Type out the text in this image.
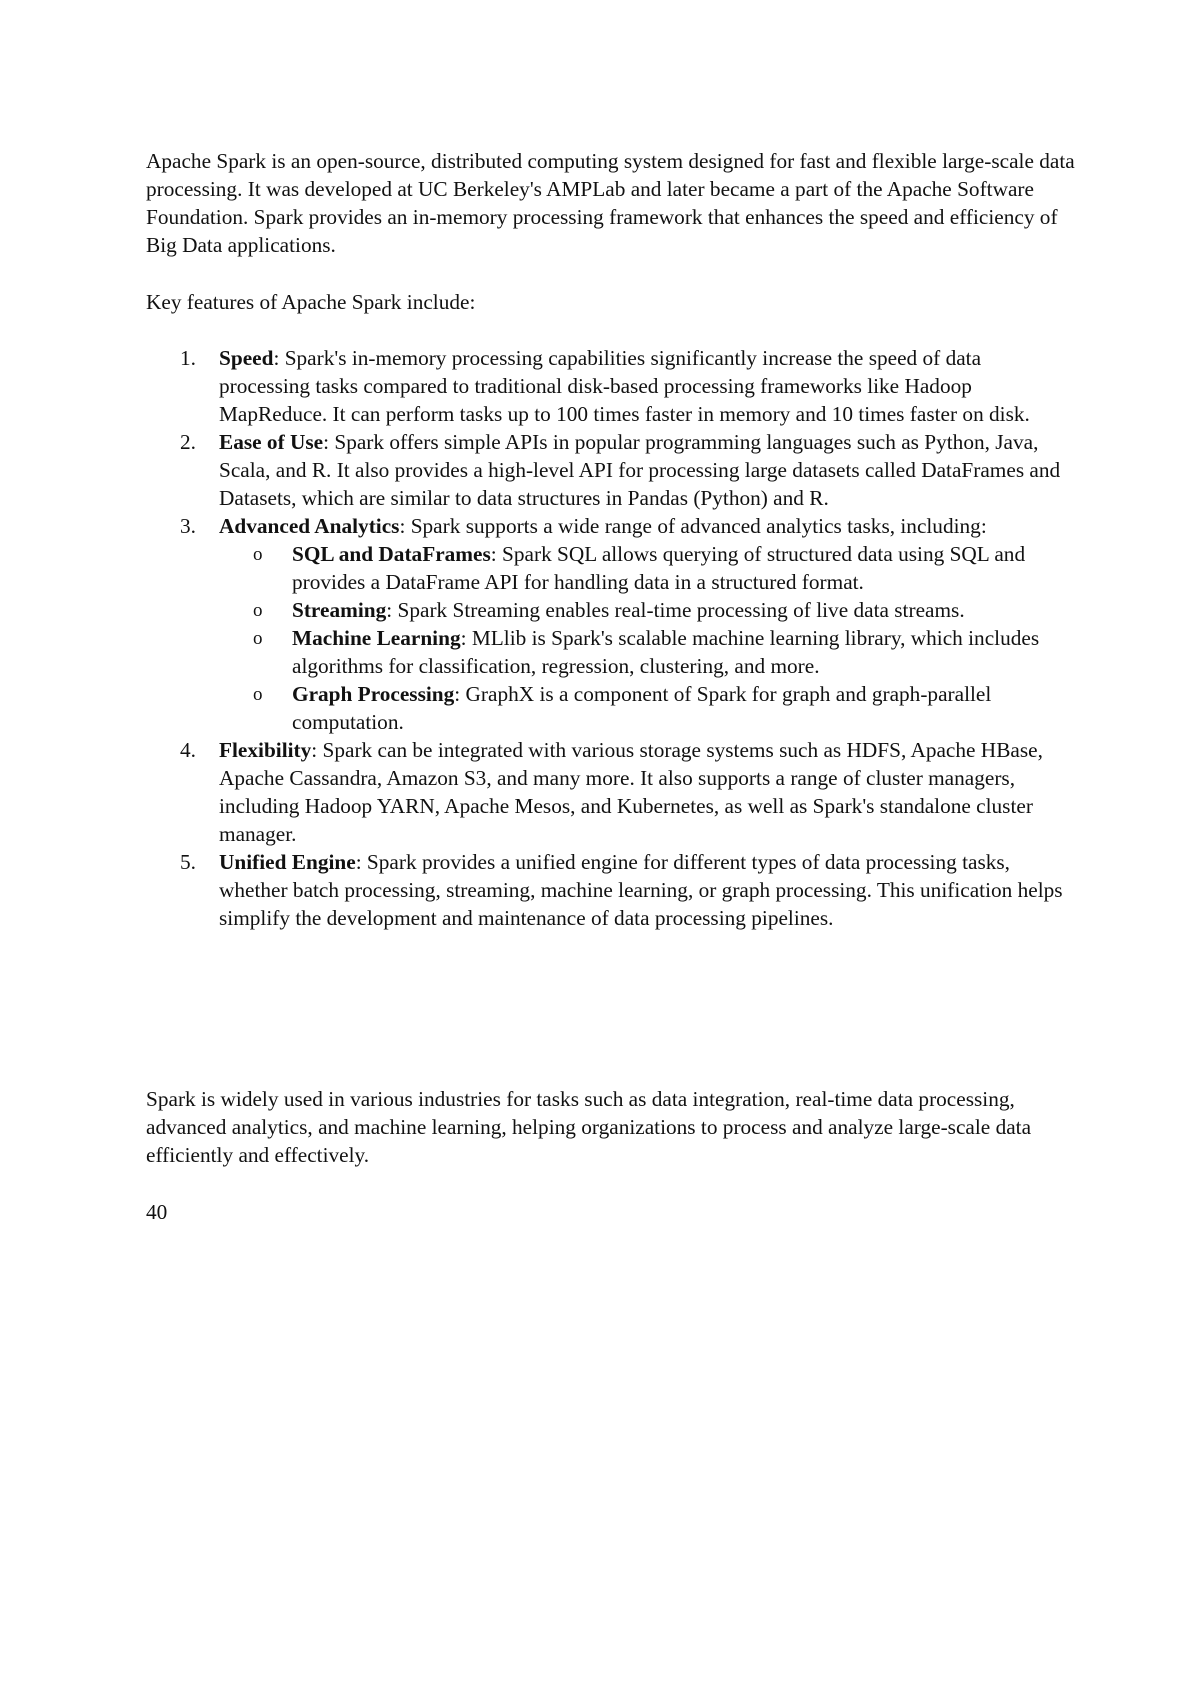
Apache Spark is an open-source, distributed computing system designed for fast and flexible large-scale data processing. It was developed at UC Berkeley's AMPLab and later became a part of the Apache Software Foundation. Spark provides an in-memory processing framework that enhances the speed and efficiency of Big Data applications.

Key features of Apache Spark include:

1. Speed: Spark's in-memory processing capabilities significantly increase the speed of data processing tasks compared to traditional disk-based processing frameworks like Hadoop MapReduce. It can perform tasks up to 100 times faster in memory and 10 times faster on disk.
2. Ease of Use: Spark offers simple APIs in popular programming languages such as Python, Java, Scala, and R. It also provides a high-level API for processing large datasets called DataFrames and Datasets, which are similar to data structures in Pandas (Python) and R.
3. Advanced Analytics: Spark supports a wide range of advanced analytics tasks, including:
o SQL and DataFrames: Spark SQL allows querying of structured data using SQL and provides a DataFrame API for handling data in a structured format.
o Streaming: Spark Streaming enables real-time processing of live data streams.
o Machine Learning: MLlib is Spark's scalable machine learning library, which includes algorithms for classification, regression, clustering, and more.
o Graph Processing: GraphX is a component of Spark for graph and graph-parallel computation.
4. Flexibility: Spark can be integrated with various storage systems such as HDFS, Apache HBase, Apache Cassandra, Amazon S3, and many more. It also supports a range of cluster managers, including Hadoop YARN, Apache Mesos, and Kubernetes, as well as Spark's standalone cluster manager.
5. Unified Engine: Spark provides a unified engine for different types of data processing tasks, whether batch processing, streaming, machine learning, or graph processing. This unification helps simplify the development and maintenance of data processing pipelines.

Spark is widely used in various industries for tasks such as data integration, real-time data processing, advanced analytics, and machine learning, helping organizations to process and analyze large-scale data efficiently and effectively.

40
